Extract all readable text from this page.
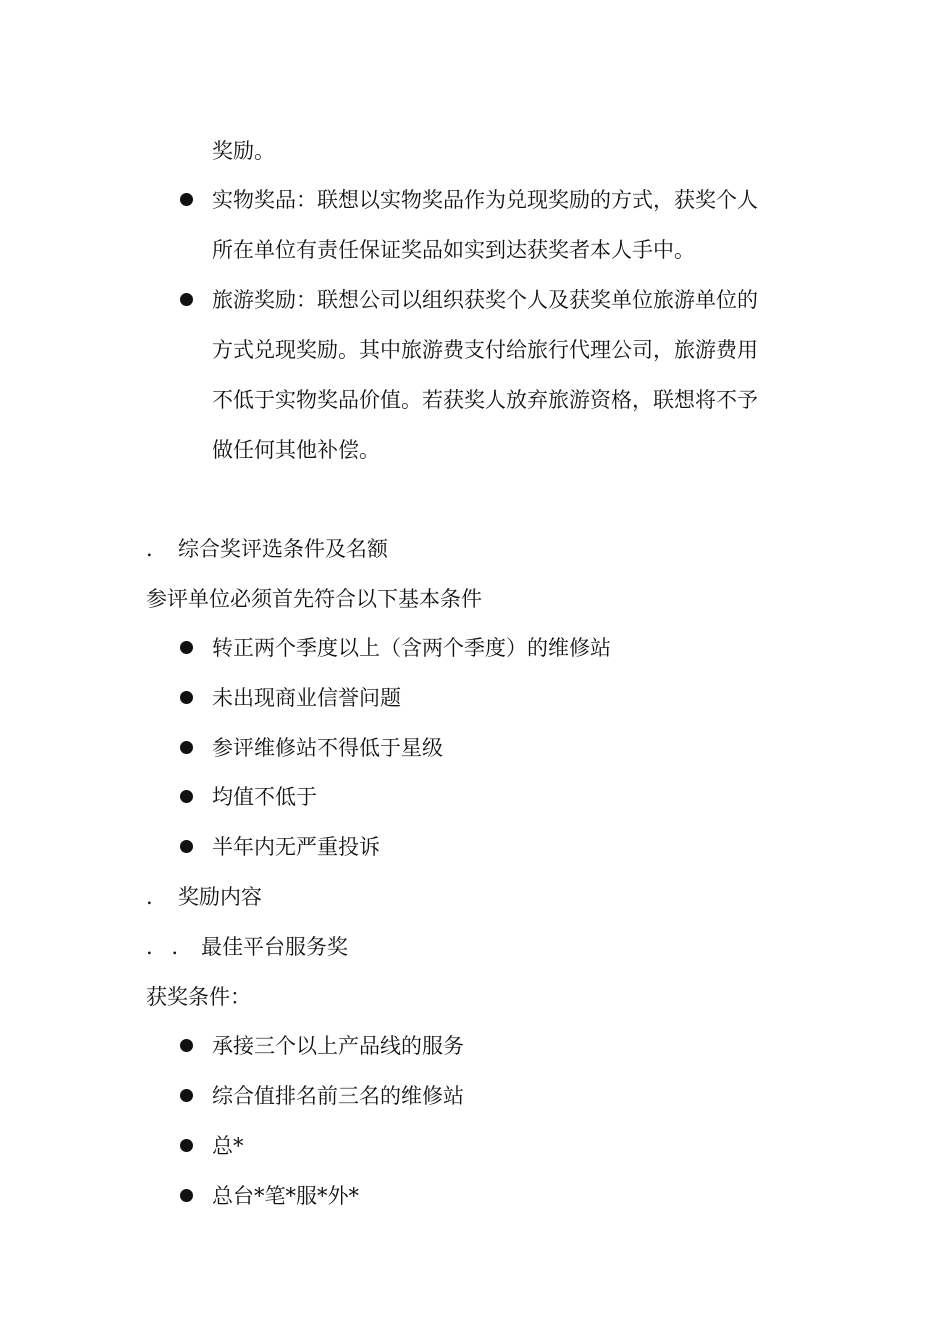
奖励。
实物奖品：联想以实物奖品作为兑现奖励的方式，获奖个人
所在单位有责任保证奖品如实到达获奖者本人手中。
旅游奖励：联想公司以组织获奖个人及获奖单位旅游单位的
方式兑现奖励。其中旅游费支付给旅行代理公司，旅游费用
不低于实物奖品价值。若获奖人放弃旅游资格，联想将不予
做任何其他补偿。
. 综合奖评选条件及名额
参评单位必须首先符合以下基本条件
转正两个季度以上（含两个季度）的维修站
未出现商业信誉问题
参评维修站不得低于星级
均值不低于
半年内无严重投诉
. 奖励内容
. . 最佳平台服务奖
获奖条件：
承接三个以上产品线的服务
综合值排名前三名的维修站
总*
总台*笔*服*外*
